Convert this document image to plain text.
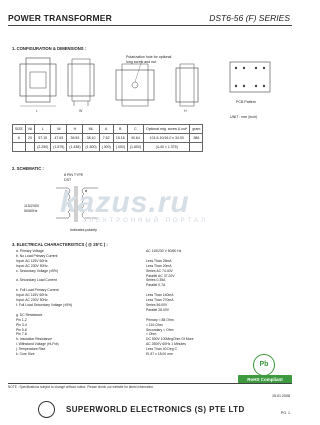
POWER TRANSFORMER	DST6-56 (F) SERIES
1. CONFIGURATION & DIMENSIONS :
L	W	H
Polarization hole for optional long screw and nut
PCB Pattern
UNIT : mm (inch)
SIZE	VA	L	W	H	ML	A	B	C	Optional mtg. screw & nut*	gram
6	20	57.15	47.63	36.53	38.10	7.62	15.16	40.64	101.6-10/16.0 x 34.93	386
		(2.250)	(1.875)	(1.438)	(1.500)	(.300)	(.400)	(1.600)	(4-40 × 1.375)	
2. SCHEMATIC :
8 PIN TYPE DST
115/230V 50/60Hz
Indicates polarity
kazus.ru
ЭЛЕКТРОННЫЙ ПОРТАЛ
3. ELECTRICAL CHARACTERISTICS ( @ 25°C ) :
a. Primary Voltage	AC 115/230 V 50/60 Hz
b. No Load Primary Current	
Input: AC 115V 60Hz.	Less Than 25mA
Input: AC 230V 50Hz.	Less Than 20mA
c. Secondary Voltage (±5%)	Series AC 74.40V
	Parallel AC 37.20V
d. Secondary Load Current	Series 0.35A
	Parallel 0.7A
e. Full Load Primary Current	
Input: AC 115V 60Hz.	Less Than 140mA
Input: AC 230V 50Hz.	Less Than 270mA
f. Full Load Secondary Voltage (±5%)	Series 56.00V
	Parallel 28.00V
g. DC Resistance	
Pin 1-2	Primary = 88 Ohm
Pin 3-4	= 116 Ohm
Pin 5-6	Secondary = Ohm
Pin 7-8	= Ohm
h. Insulation Resistance	DC 500V 100MegOhm Of More
i. Withstand Voltage (Hi-Pot)	AC 2500V 60Hz 1 Minutes
j. Temperature Rise	Less Than 40 Deg C
k. Core Size	EI-57 x 18.00 mm
Pb
RoHS Compliant
NOTE : Specifications subject to change without notice. Please check our website for latest information.
15.01.2008
SUPERWORLD ELECTRONICS (S) PTE LTD	PG. 1
